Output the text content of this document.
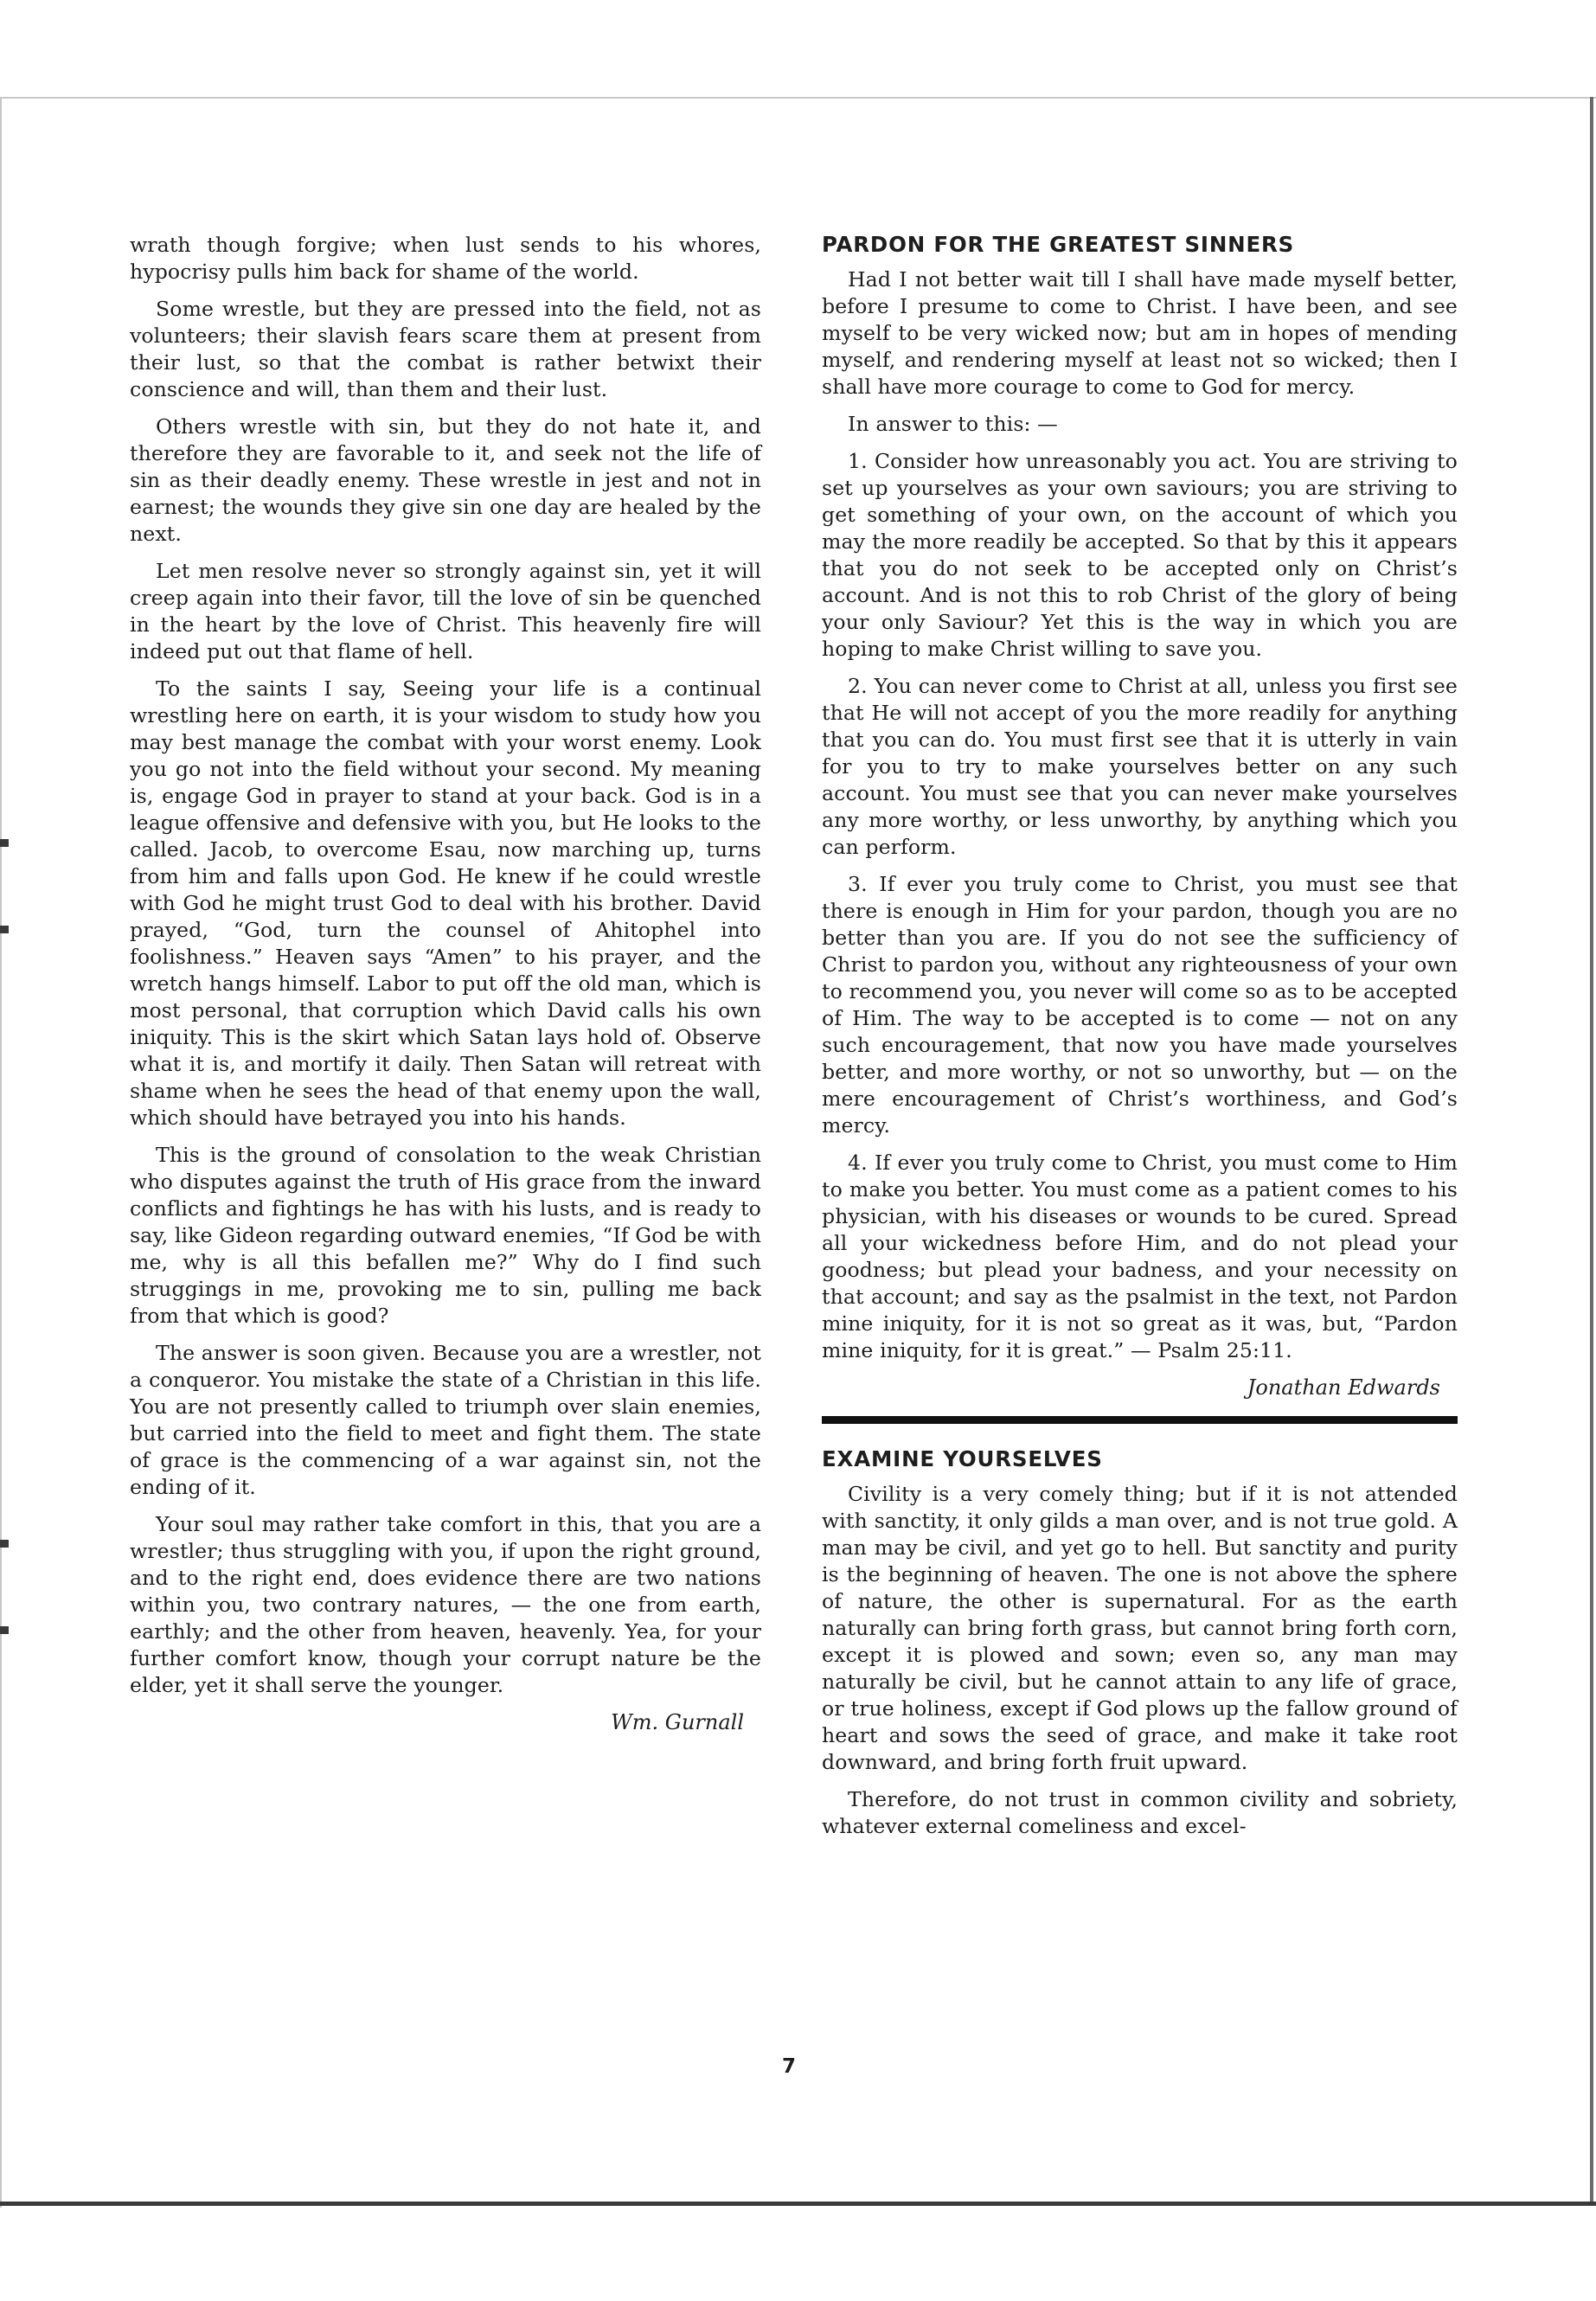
wrath though forgive; when lust sends to his whores, hypocrisy pulls him back for shame of the world.

Some wrestle, but they are pressed into the field, not as volunteers; their slavish fears scare them at present from their lust, so that the combat is rather betwixt their conscience and will, than them and their lust.

Others wrestle with sin, but they do not hate it, and therefore they are favorable to it, and seek not the life of sin as their deadly enemy. These wrestle in jest and not in earnest; the wounds they give sin one day are healed by the next.

Let men resolve never so strongly against sin, yet it will creep again into their favor, till the love of sin be quenched in the heart by the love of Christ. This heavenly fire will indeed put out that flame of hell.

To the saints I say, Seeing your life is a continual wrestling here on earth, it is your wisdom to study how you may best manage the combat with your worst enemy. Look you go not into the field without your second. My meaning is, engage God in prayer to stand at your back. God is in a league offensive and defensive with you, but He looks to the called. Jacob, to overcome Esau, now marching up, turns from him and falls upon God. He knew if he could wrestle with God he might trust God to deal with his brother. David prayed, “God, turn the counsel of Ahitophel into foolishness.” Heaven says “Amen” to his prayer, and the wretch hangs himself. Labor to put off the old man, which is most personal, that corruption which David calls his own iniquity. This is the skirt which Satan lays hold of. Observe what it is, and mortify it daily. Then Satan will retreat with shame when he sees the head of that enemy upon the wall, which should have betrayed you into his hands.

This is the ground of consolation to the weak Christian who disputes against the truth of His grace from the inward conflicts and fightings he has with his lusts, and is ready to say, like Gideon regarding outward enemies, “If God be with me, why is all this befallen me?” Why do I find such struggings in me, provoking me to sin, pulling me back from that which is good?

The answer is soon given. Because you are a wrestler, not a conqueror. You mistake the state of a Christian in this life. You are not presently called to triumph over slain enemies, but carried into the field to meet and fight them. The state of grace is the commencing of a war against sin, not the ending of it.

Your soul may rather take comfort in this, that you are a wrestler; thus struggling with you, if upon the right ground, and to the right end, does evidence there are two nations within you, two contrary natures, — the one from earth, earthly; and the other from heaven, heavenly. Yea, for your further comfort know, though your corrupt nature be the elder, yet it shall serve the younger.

Wm. Gurnall

PARDON FOR THE GREATEST SINNERS

Had I not better wait till I shall have made myself better, before I presume to come to Christ. I have been, and see myself to be very wicked now; but am in hopes of mending myself, and rendering myself at least not so wicked; then I shall have more courage to come to God for mercy.

In answer to this: —

1. Consider how unreasonably you act. You are striving to set up yourselves as your own saviours; you are striving to get something of your own, on the account of which you may the more readily be accepted. So that by this it appears that you do not seek to be accepted only on Christ’s account. And is not this to rob Christ of the glory of being your only Saviour? Yet this is the way in which you are hoping to make Christ willing to save you.

2. You can never come to Christ at all, unless you first see that He will not accept of you the more readily for anything that you can do. You must first see that it is utterly in vain for you to try to make yourselves better on any such account. You must see that you can never make yourselves any more worthy, or less unworthy, by anything which you can perform.

3. If ever you truly come to Christ, you must see that there is enough in Him for your pardon, though you are no better than you are. If you do not see the sufficiency of Christ to pardon you, without any righteousness of your own to recommend you, you never will come so as to be accepted of Him. The way to be accepted is to come — not on any such encouragement, that now you have made yourselves better, and more worthy, or not so unworthy, but — on the mere encouragement of Christ’s worthiness, and God’s mercy.

4. If ever you truly come to Christ, you must come to Him to make you better. You must come as a patient comes to his physician, with his diseases or wounds to be cured. Spread all your wickedness before Him, and do not plead your goodness; but plead your badness, and your necessity on that account; and say as the psalmist in the text, not Pardon mine iniquity, for it is not so great as it was, but, “Pardon mine iniquity, for it is great.” — Psalm 25:11.

Jonathan Edwards

EXAMINE YOURSELVES

Civility is a very comely thing; but if it is not attended with sanctity, it only gilds a man over, and is not true gold. A man may be civil, and yet go to hell. But sanctity and purity is the beginning of heaven. The one is not above the sphere of nature, the other is supernatural. For as the earth naturally can bring forth grass, but cannot bring forth corn, except it is plowed and sown; even so, any man may naturally be civil, but he cannot attain to any life of grace, or true holiness, except if God plows up the fallow ground of heart and sows the seed of grace, and make it take root downward, and bring forth fruit upward.

Therefore, do not trust in common civility and sobriety, whatever external comeliness and excel-

7
